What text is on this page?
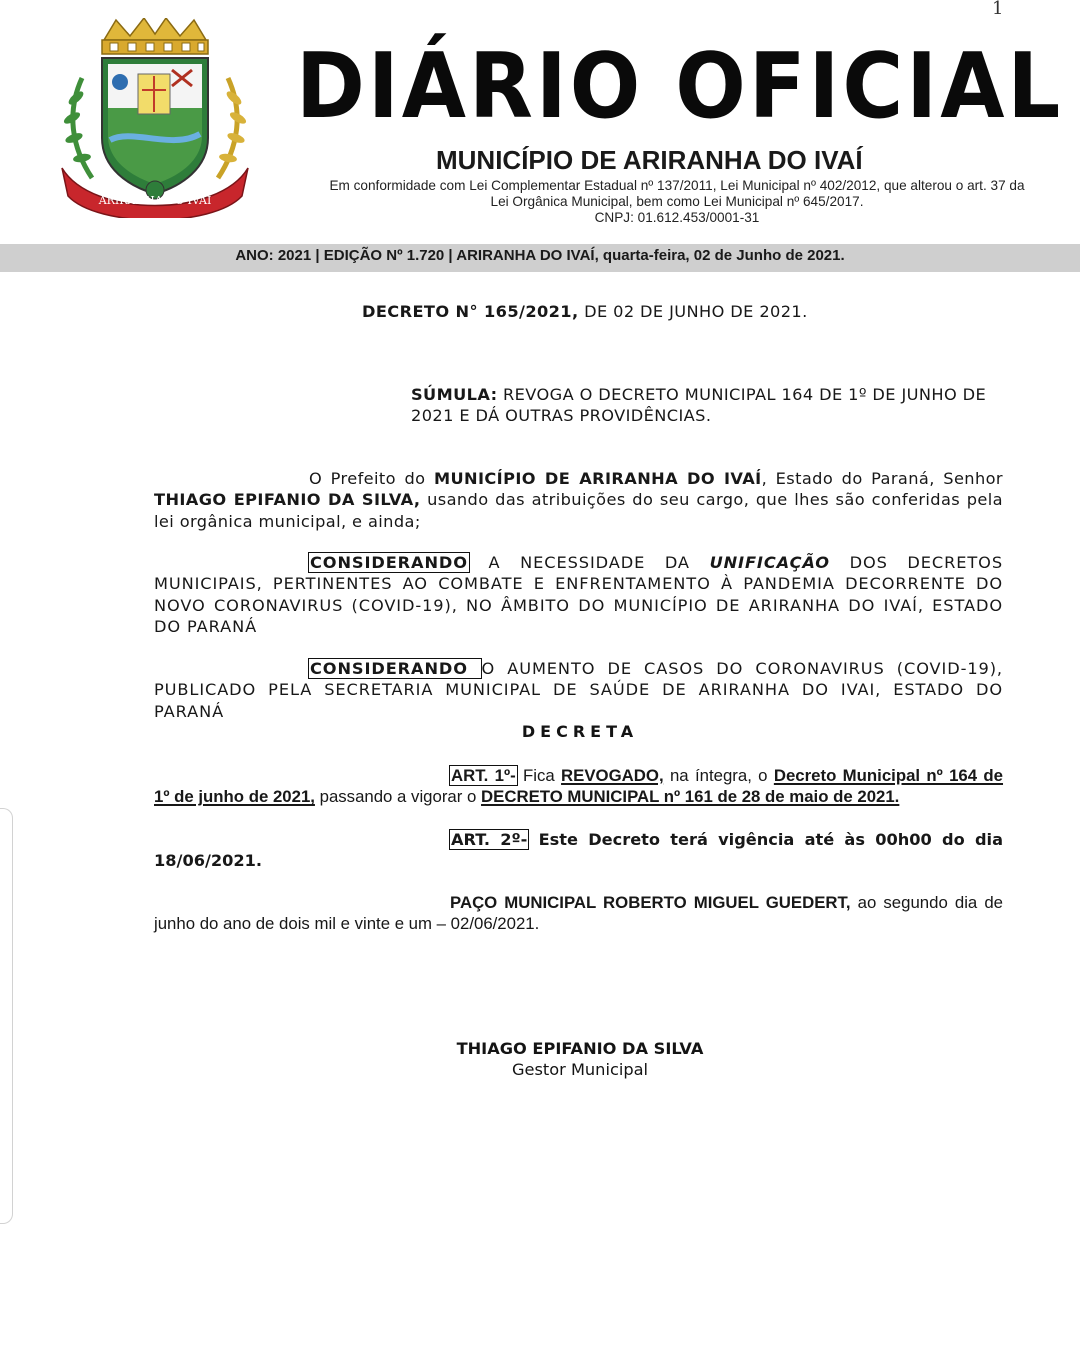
1
ARIRANHA DO IVAÍ
DIÁRIO OFICIAL
MUNICÍPIO DE ARIRANHA DO IVAÍ
Em conformidade com Lei Complementar Estadual nº 137/2011, Lei Municipal nº 402/2012, que alterou o art. 37 da
Lei Orgânica Municipal, bem como Lei Municipal nº 645/2017.
CNPJ: 01.612.453/0001-31
ANO: 2021 | EDIÇÃO Nº 1.720 | ARIRANHA DO IVAÍ, quarta-feira, 02 de Junho de 2021.
DECRETO N° 165/2021, DE 02 DE JUNHO DE 2021.
SÚMULA: REVOGA O DECRETO MUNICIPAL 164 DE 1º DE JUNHO DE 2021 E DÁ OUTRAS PROVIDÊNCIAS.
O Prefeito do MUNICÍPIO DE ARIRANHA DO IVAÍ, Estado do Paraná, Senhor THIAGO EPIFANIO DA SILVA, usando das atribuições do seu cargo, que lhes são conferidas pela lei orgânica municipal, e ainda;
CONSIDERANDO A NECESSIDADE DA UNIFICAÇÃO DOS DECRETOS MUNICIPAIS, PERTINENTES AO COMBATE E ENFRENTAMENTO À PANDEMIA DECORRENTE DO NOVO CORONAVIRUS (COVID-19), NO ÂMBITO DO MUNICÍPIO DE ARIRANHA DO IVAÍ, ESTADO DO PARANÁ
CONSIDERANDO O AUMENTO DE CASOS DO CORONAVIRUS (COVID-19), PUBLICADO PELA SECRETARIA MUNICIPAL DE SAÚDE DE ARIRANHA DO IVAI, ESTADO DO PARANÁ
DECRETA
ART. 1º- Fica REVOGADO, na íntegra, o Decreto Municipal nº 164 de 1º de junho de 2021, passando a vigorar o DECRETO MUNICIPAL nº 161 de 28 de maio de 2021.
ART. 2º- Este Decreto terá vigência até às 00h00 do dia 18/06/2021.
PAÇO MUNICIPAL ROBERTO MIGUEL GUEDERT, ao segundo dia de junho do ano de dois mil e vinte e um – 02/06/2021.
THIAGO EPIFANIO DA SILVA
Gestor Municipal
